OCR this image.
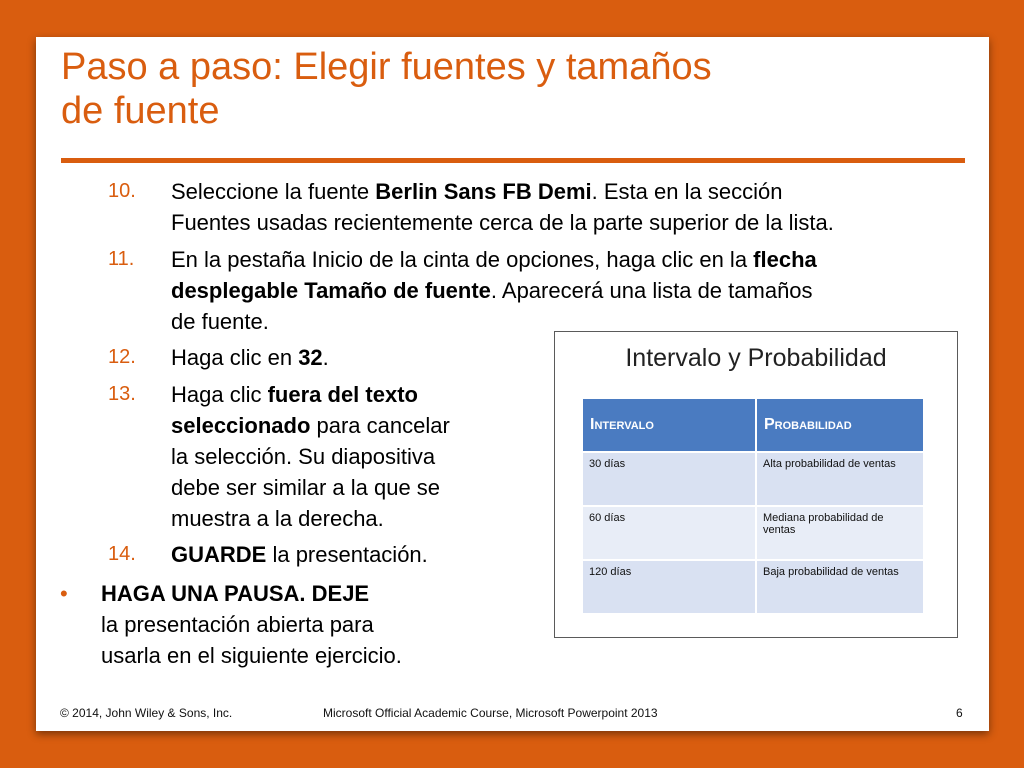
Paso a paso: Elegir fuentes y tamaños
de fuente
10. Seleccione la fuente Berlin Sans FB Demi. Esta en la sección
Fuentes usadas recientemente cerca de la parte superior de la lista.
11. En la pestaña Inicio de la cinta de opciones, haga clic en la flecha
desplegable Tamaño de fuente. Aparecerá una lista de tamaños
de fuente.
12. Haga clic en 32.
13. Haga clic fuera del texto
seleccionado para cancelar
la selección. Su diapositiva
debe ser similar a la que se
muestra a la derecha.
14. GUARDE la presentación.
• HAGA UNA PAUSA. DEJE
la presentación abierta para
usarla en el siguiente ejercicio.
Intervalo y Probabilidad
Intervalo	Probabilidad
30 días	Alta probabilidad de ventas
60 días	Mediana probabilidad de ventas
120 días	Baja probabilidad de ventas
© 2014, John Wiley & Sons, Inc.	Microsoft Official Academic Course, Microsoft Powerpoint 2013	6
